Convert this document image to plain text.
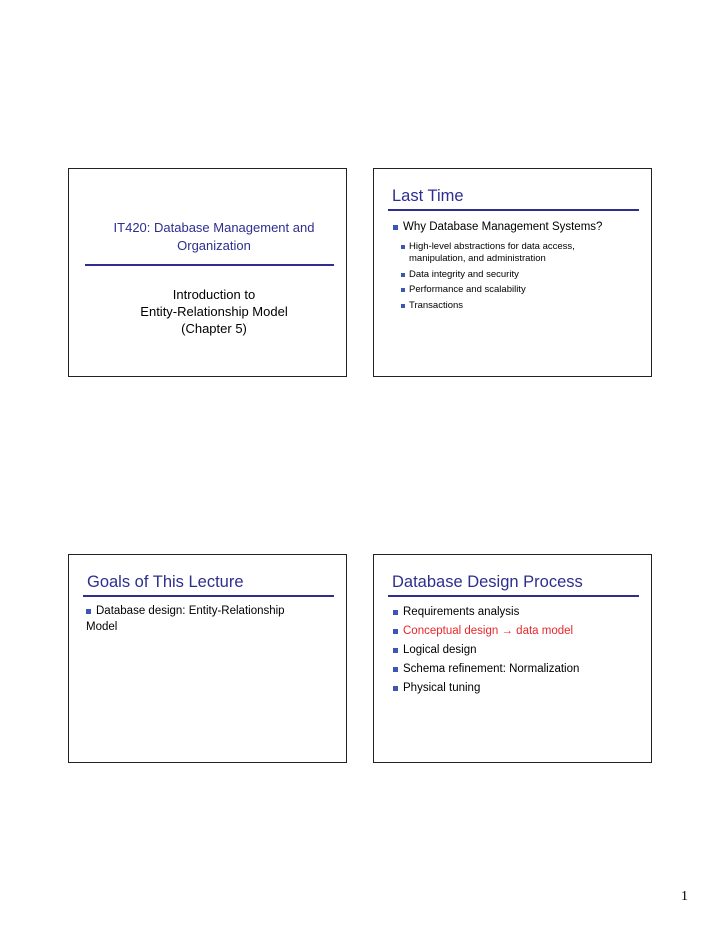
IT420: Database Management and
Organization
Introduction to
Entity-Relationship Model
(Chapter 5)
Last Time
Why Database Management Systems?
High-level abstractions for data access,
manipulation, and administration
Data integrity and security
Performance and scalability
Transactions
Goals of This Lecture
Database design: Entity-Relationship
Model
Database Design Process
Requirements analysis
Conceptual design → data model
Logical design
Schema refinement: Normalization
Physical tuning
1
